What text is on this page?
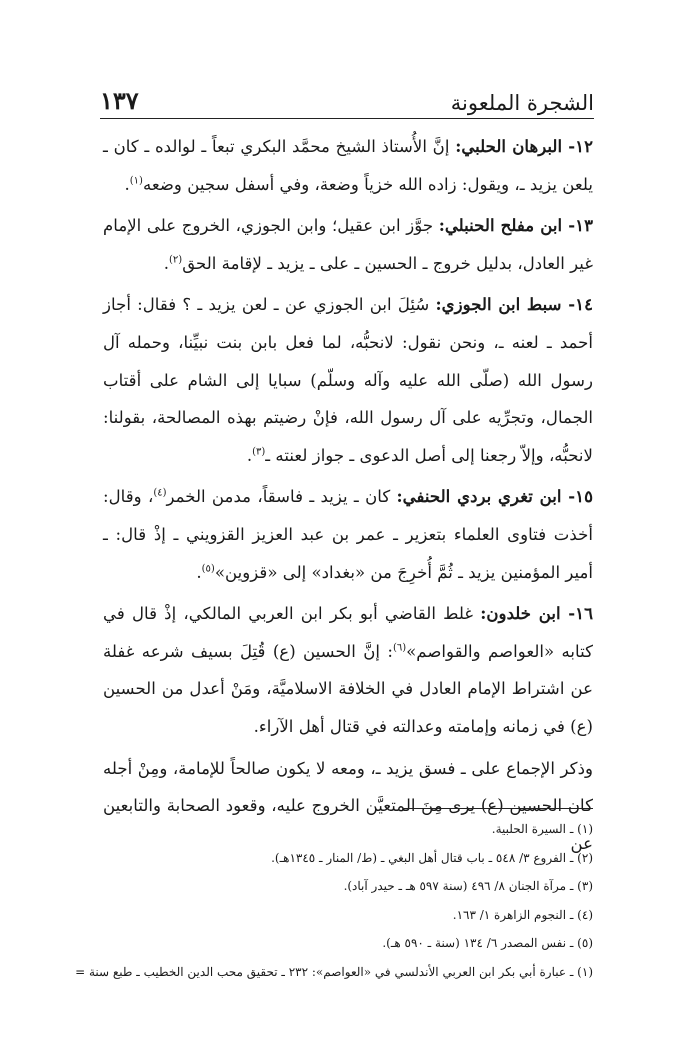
الشجرة الملعونة
١٣٧

١٢- البرهان الحلبي: إنَّ الأُستاذ الشيخ محمَّد البكري تبعاً ـ لوالده ـ كان ـ يلعن يزيد ـ، ويقول: زاده الله خزياً وضعة، وفي أسفل سجين وضعه$^{(١)}$.

١٣- ابن مفلح الحنبلي: جوَّز ابن عقيل؛ وابن الجوزي، الخروج على الإمام غير العادل، بدليل خروج ـ الحسين ـ على ـ يزيد ـ لإقامة الحق$^{(٢)}$.

١٤- سبط ابن الجوزي: سُئِلَ ابن الجوزي عن ـ لعن يزيد ـ ؟ فقال: أجاز أحمد ـ لعنه ـ، ونحن نقول: لانحبُّه، لما فعل بابن بنت نبيِّنا، وحمله آل رسول الله (صلّى الله عليه وآله وسلّم) سبايا إلى الشام على أقتاب الجمال، وتجرِّيه على آل رسول الله، فإنْ رضيتم بهذه المصالحة، بقولنا: لانحبُّه، وإلاّ رجعنا إلى أصل الدعوى ـ جواز لعنته ـ$^{(٣)}$.

١٥- ابن تغري بردي الحنفي: كان ـ يزيد ـ فاسقاً، مدمن الخمر$^{(٤)}$، وقال: أخذت فتاوى العلماء بتعزير ـ عمر بن عبد العزيز القزويني ـ إذْ قال: ـ أمير المؤمنين يزيد ـ ثُمَّ أُخرِجَ من «بغداد» إلى «قزوين»$^{(٥)}$.

١٦- ابن خلدون: غلط القاضي أبو بكر ابن العربي المالكي، إذْ قال في كتابه «العواصم والقواصم»$^{(٦)}$: إنَّ الحسين (ع) قُتِلَ بسيف شرعه غفلة عن اشتراط الإمام العادل في الخلافة الاسلاميَّة، ومَنْ أعدل من الحسين (ع) في زمانه وإمامته وعدالته في قتال أهل الآراء.

وذكر الإجماع على ـ فسق يزيد ـ، ومعه لا يكون صالحاً للإمامة، ومِنْ أجله كان الحسين (ع) يرى مِنَ المتعيَّن الخروج عليه، وقعود الصحابة والتابعين عن

(١) ـ السيرة الحلبية.
(٢) ـ الفروع ٣/ ٥٤٨ ـ باب قتال أهل البغي ـ (ط/ المنار ـ ١٣٤٥هـ).
(٣) ـ مرآة الجنان ٨/ ٤٩٦ (سنة ٥٩٧ هـ ـ حيدر آباد).
(٤) ـ النجوم الزاهرة ١/ ١٦٣.
(٥) ـ نفس المصدر ٦/ ١٣٤ (سنة ـ ٥٩٠ هـ).
(١) ـ عبارة أبي بكر ابن العربي الأندلسي في «العواصم»: ٢٣٢ ـ تحقيق محب الدين الخطيب ـ طبع سنة =
